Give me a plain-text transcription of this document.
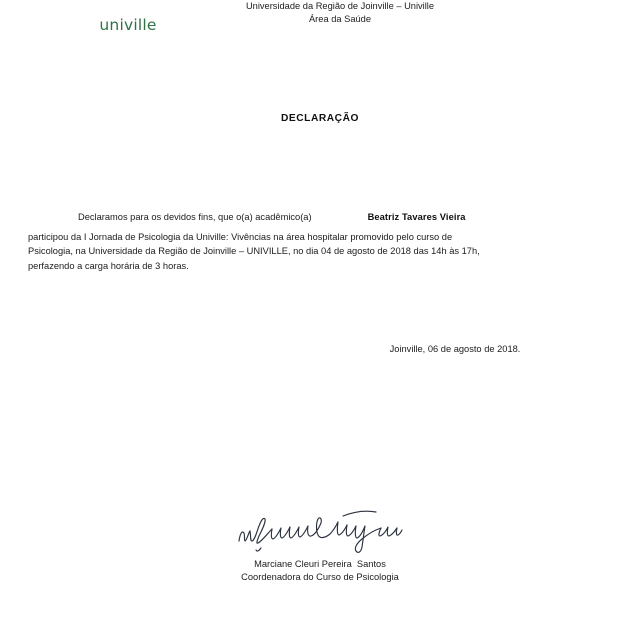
univille
Universidade da Região de Joinville – Univille
Área da Saúde
DECLARAÇÃO
Declaramos para os devidos fins, que o(a) acadêmico(a)	Beatriz Tavares Vieira
participou da I Jornada de Psicologia da Univille: Vivências na área hospitalar promovido pelo curso de
Psicologia, na Universidade da Região de Joinville – UNIVILLE, no dia 04 de agosto de 2018 das 14h às 17h,
perfazendo a carga horária de 3 horas.
Joinville, 06 de agosto de 2018.
Marciane Cleuri Pereira  Santos
Coordenadora do Curso de Psicologia
